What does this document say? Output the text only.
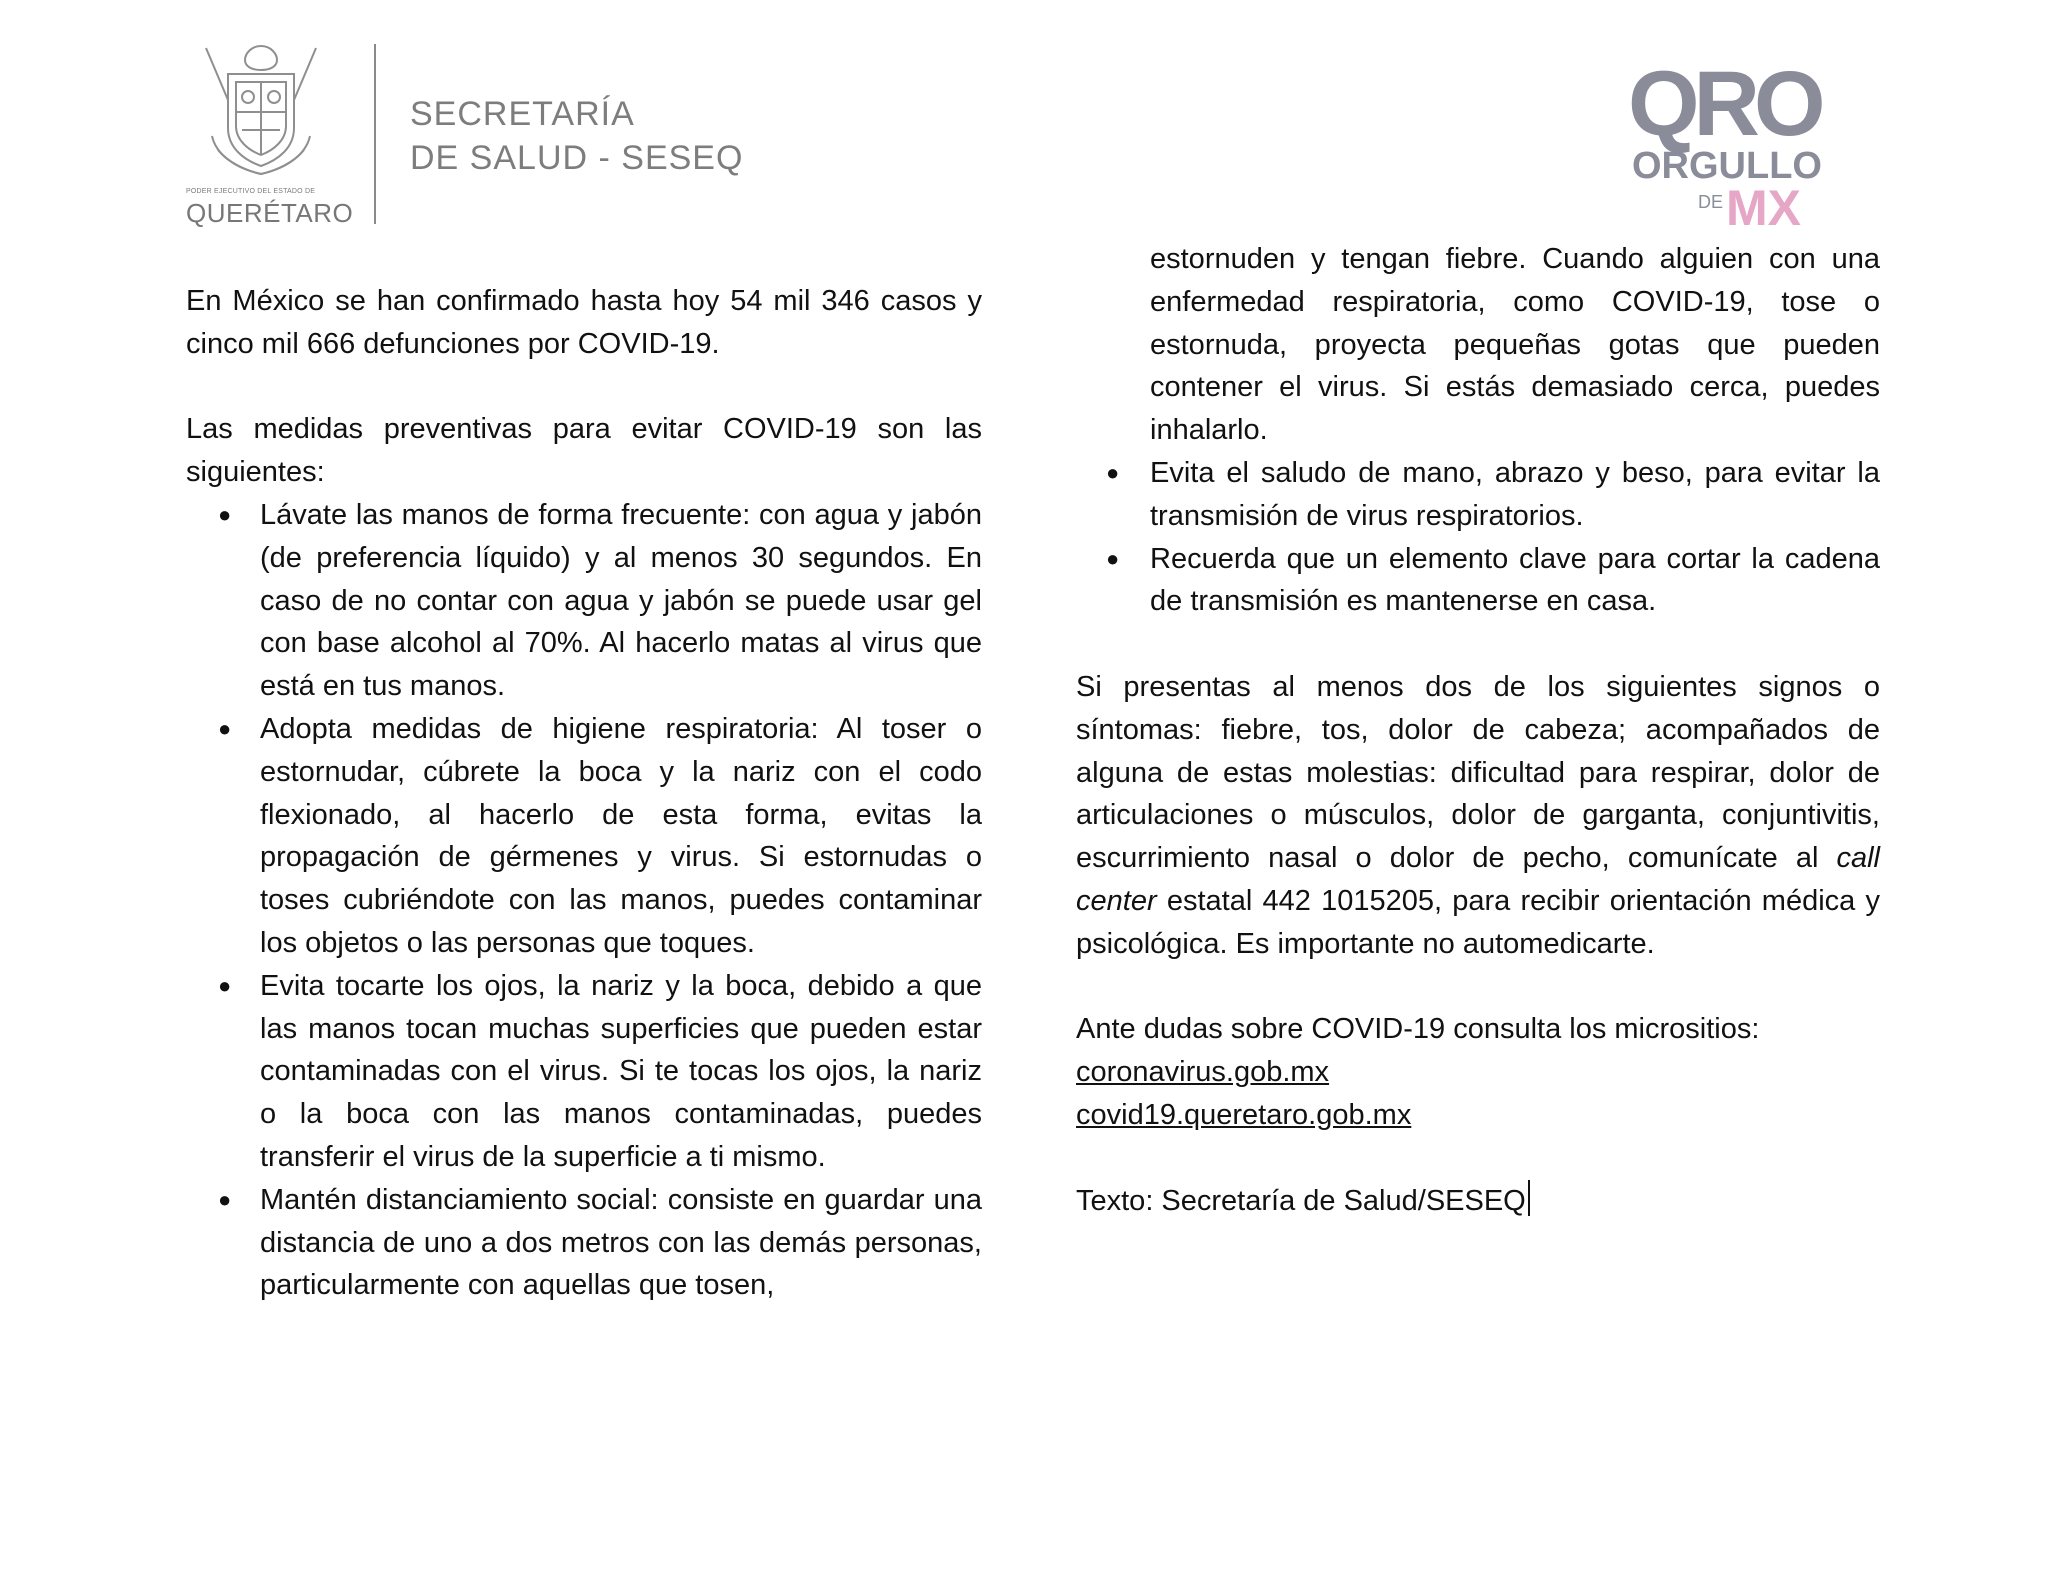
PODER EJECUTIVO DEL ESTADO DE
QUERÉTARO
SECRETARÍA
DE SALUD - SESEQ
QRO
ORGULLO
DE MX

En México se han confirmado hasta hoy 54 mil 346 casos y cinco mil 666 defunciones por COVID-19.

Las medidas preventivas para evitar COVID-19 son las siguientes:

● Lávate las manos de forma frecuente: con agua y jabón (de preferencia líquido) y al menos 30 segundos. En caso de no contar con agua y jabón se puede usar gel con base alcohol al 70%. Al hacerlo matas al virus que está en tus manos.
● Adopta medidas de higiene respiratoria: Al toser o estornudar, cúbrete la boca y la nariz con el codo flexionado, al hacerlo de esta forma, evitas la propagación de gérmenes y virus. Si estornudas o toses cubriéndote con las manos, puedes contaminar los objetos o las personas que toques.
● Evita tocarte los ojos, la nariz y la boca, debido a que las manos tocan muchas superficies que pueden estar contaminadas con el virus. Si te tocas los ojos, la nariz o la boca con las manos contaminadas, puedes transferir el virus de la superficie a ti mismo.
● Mantén distanciamiento social: consiste en guardar una distancia de uno a dos metros con las demás personas, particularmente con aquellas que tosen,

estornuden y tengan fiebre. Cuando alguien con una enfermedad respiratoria, como COVID-19, tose o estornuda, proyecta pequeñas gotas que pueden contener el virus. Si estás demasiado cerca, puedes inhalarlo.

● Evita el saludo de mano, abrazo y beso, para evitar la transmisión de virus respiratorios.
● Recuerda que un elemento clave para cortar la cadena de transmisión es mantenerse en casa.

Si presentas al menos dos de los siguientes signos o síntomas: fiebre, tos, dolor de cabeza; acompañados de alguna de estas molestias: dificultad para respirar, dolor de articulaciones o músculos, dolor de garganta, conjuntivitis, escurrimiento nasal o dolor de pecho, comunícate al call center estatal 442 1015205, para recibir orientación médica y psicológica. Es importante no automedicarte.

Ante dudas sobre COVID-19 consulta los micrositios:

coronavirus.gob.mx

covid19.queretaro.gob.mx

Texto: Secretaría de Salud/SESEQ
